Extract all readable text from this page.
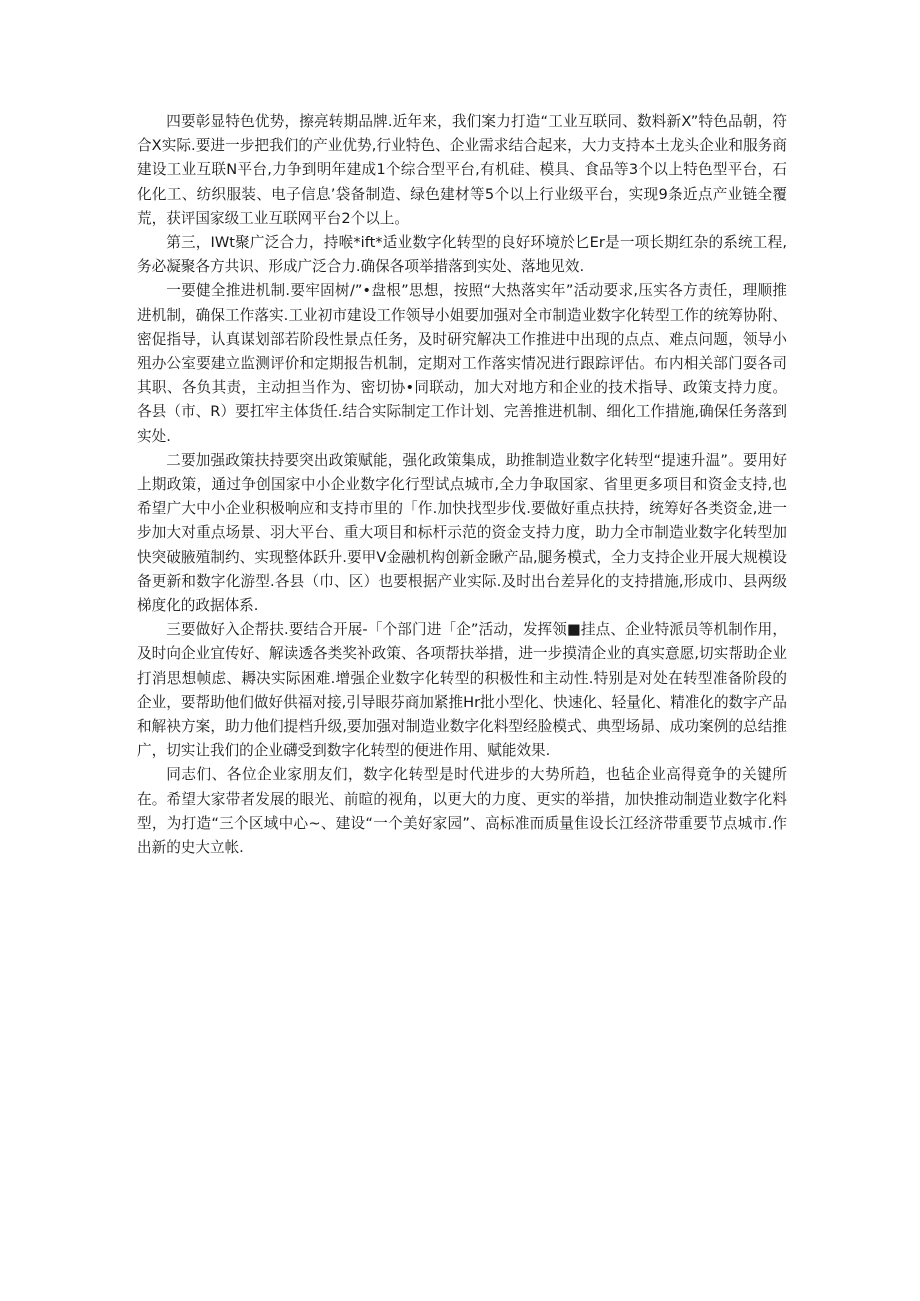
四要彰显特色优势，擦亮转期品牌.近年来，我们案力打造“工业互联同、数料新X”特色品朝，符合X实际.要进一步把我们的产业优势,行业特色、企业需求结合起来，大力支持本土龙头企业和服务商建设工业互联N平台,力争到明年建成1个综合型平台,有机硅、模具、食品等3个以上特色型平台，石化化工、纺织服装、电子信息’袋备制造、绿色建材等5个以上行业级平台，实现9条近点产业链全覆荒，获评国家级工业互联网平台2个以上。

第三，IWt聚广泛合力，持喉*ift*适业数字化转型的良好环境於匕Er是一项长期红杂的系统工程,务必凝聚各方共识、形成广泛合力.确保各项举措落到实处、落地见效.

一要健全推进机制.要牢固树/”•盘根”思想，按照“大热落实年”活动要求,压实各方责任，理顺推进机制，确保工作落实.工业初市建设工作领导小姐要加强对全市制造业数字化转型工作的统筹协附、密促指导，认真谋划部若阶段性景点任务，及时研究解决工作推进中出现的点点、难点问题，领导小殂办公室要建立监测评价和定期报告机制，定期对工作落实情况进行跟踪评估。布内相关部门耍各司其职、各负其责，主动担当作为、密切协•同联动，加大对地方和企业的技术指导、政策支持力度。各县（市、R）要扛牢主体货任.结合实际制定工作计划、完善推进机制、细化工作措施,确保任务落到实处.

二要加强政策扶持要突出政策赋能，强化政策集成，助推制造业数字化转型“提速升温”。要用好上期政策，通过争创国家中小企业数字化行型试点城市,全力争取国家、省里更多项目和资金支持,也希望广大中小企业积极响应和支持市里的「作.加快找型步伐.要做好重点扶持，统筹好各类资金,进一步加大对重点场景、羽大平台、重大项目和标杆示范的资金支持力度，助力全市制造业数字化转型加快突破腋殖制约、实现整体跃升.要甲V金融机构创新金瞅产品,腿务模式，全力支持企业开展大规模设备更新和数字化游型.各县（巾、区）也要根据产业实际.及时出台差异化的支持措施,形成巾、县两级梯度化的政据体系.

三要做好入企帮扶.要结合开展-「个部门进「企”活动，发挥领■挂点、企业特派员等机制作用，及时向企业宜传好、解读透各类奖补政策、各项帮扶举措，进一步摸清企业的真实意愿,切实帮助企业打消思想帧虑、耨决实际困难.增强企业数字化转型的积极性和主动性.特别是对处在转型准备阶段的企业，要帮助他们做好供福对接,引导眼芬商加紧推Hr批小型化、快速化、轻量化、精准化的数字产品和解袂方案，助力他们提档升级,要加强对制造业数字化料型经脸模式、典型场昴、成功案例的总结推广，切实让我们的企业礴受到数字化转型的便进作用、赋能效果.

同志们、各位企业家朋友们，数字化转型是时代进步的大势所趋，也毡企业高得竟争的关键所在。希望大家带者发展的眼光、前暄的视角，以更大的力度、更实的举措，加快推动制造业数字化料型，为打造“三个区域中心~、建设“一个美好家园”、高标准而质量隹设长江经济带重要节点城市.作出新的史大立帐.
